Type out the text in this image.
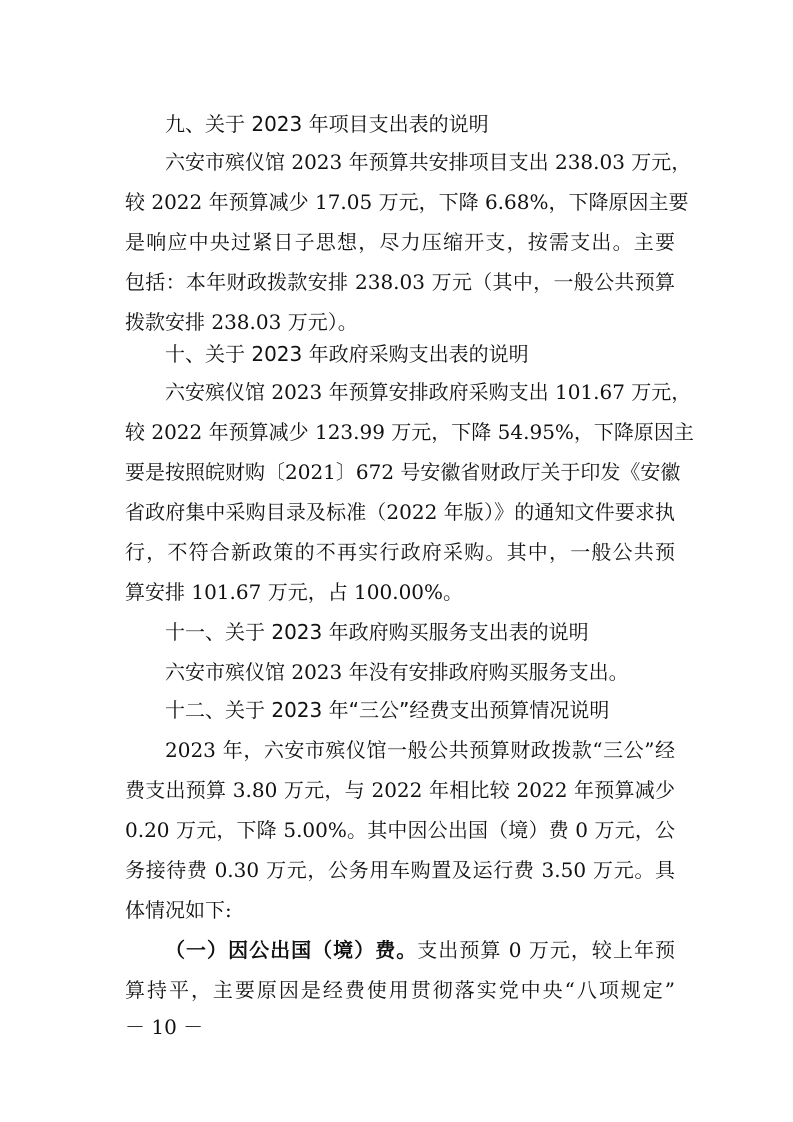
九、关于 2023 年项目支出表的说明
六安市殡仪馆 2023 年预算共安排项目支出 238.03 万元，
较 2022 年预算减少 17.05 万元，下降 6.68%，下降原因主要
是响应中央过紧日子思想，尽力压缩开支，按需支出。主要
包括：本年财政拨款安排 238.03 万元（其中，一般公共预算
拨款安排 238.03 万元）。
十、关于 2023 年政府采购支出表的说明
六安殡仪馆 2023 年预算安排政府采购支出 101.67 万元，
较 2022 年预算减少 123.99 万元，下降 54.95%，下降原因主
要是按照皖财购〔2021〕672 号安徽省财政厅关于印发《安徽
省政府集中采购目录及标准（2022 年版）》的通知文件要求执
行，不符合新政策的不再实行政府采购。其中，一般公共预
算安排 101.67 万元，占 100.00%。
十一、关于 2023 年政府购买服务支出表的说明
六安市殡仪馆 2023 年没有安排政府购买服务支出。
十二、关于 2023 年“三公”经费支出预算情况说明
2023 年，六安市殡仪馆一般公共预算财政拨款“三公”经
费支出预算 3.80 万元，与 2022 年相比较 2022 年预算减少
0.20 万元，下降 5.00%。其中因公出国（境）费 0 万元，公
务接待费 0.30 万元，公务用车购置及运行费 3.50 万元。具
体情况如下:
（一）因公出国（境）费。支出预算 0 万元，较上年预
算持平，主要原因是经费使用贯彻落实党中央“八项规定”
－ 10 －
